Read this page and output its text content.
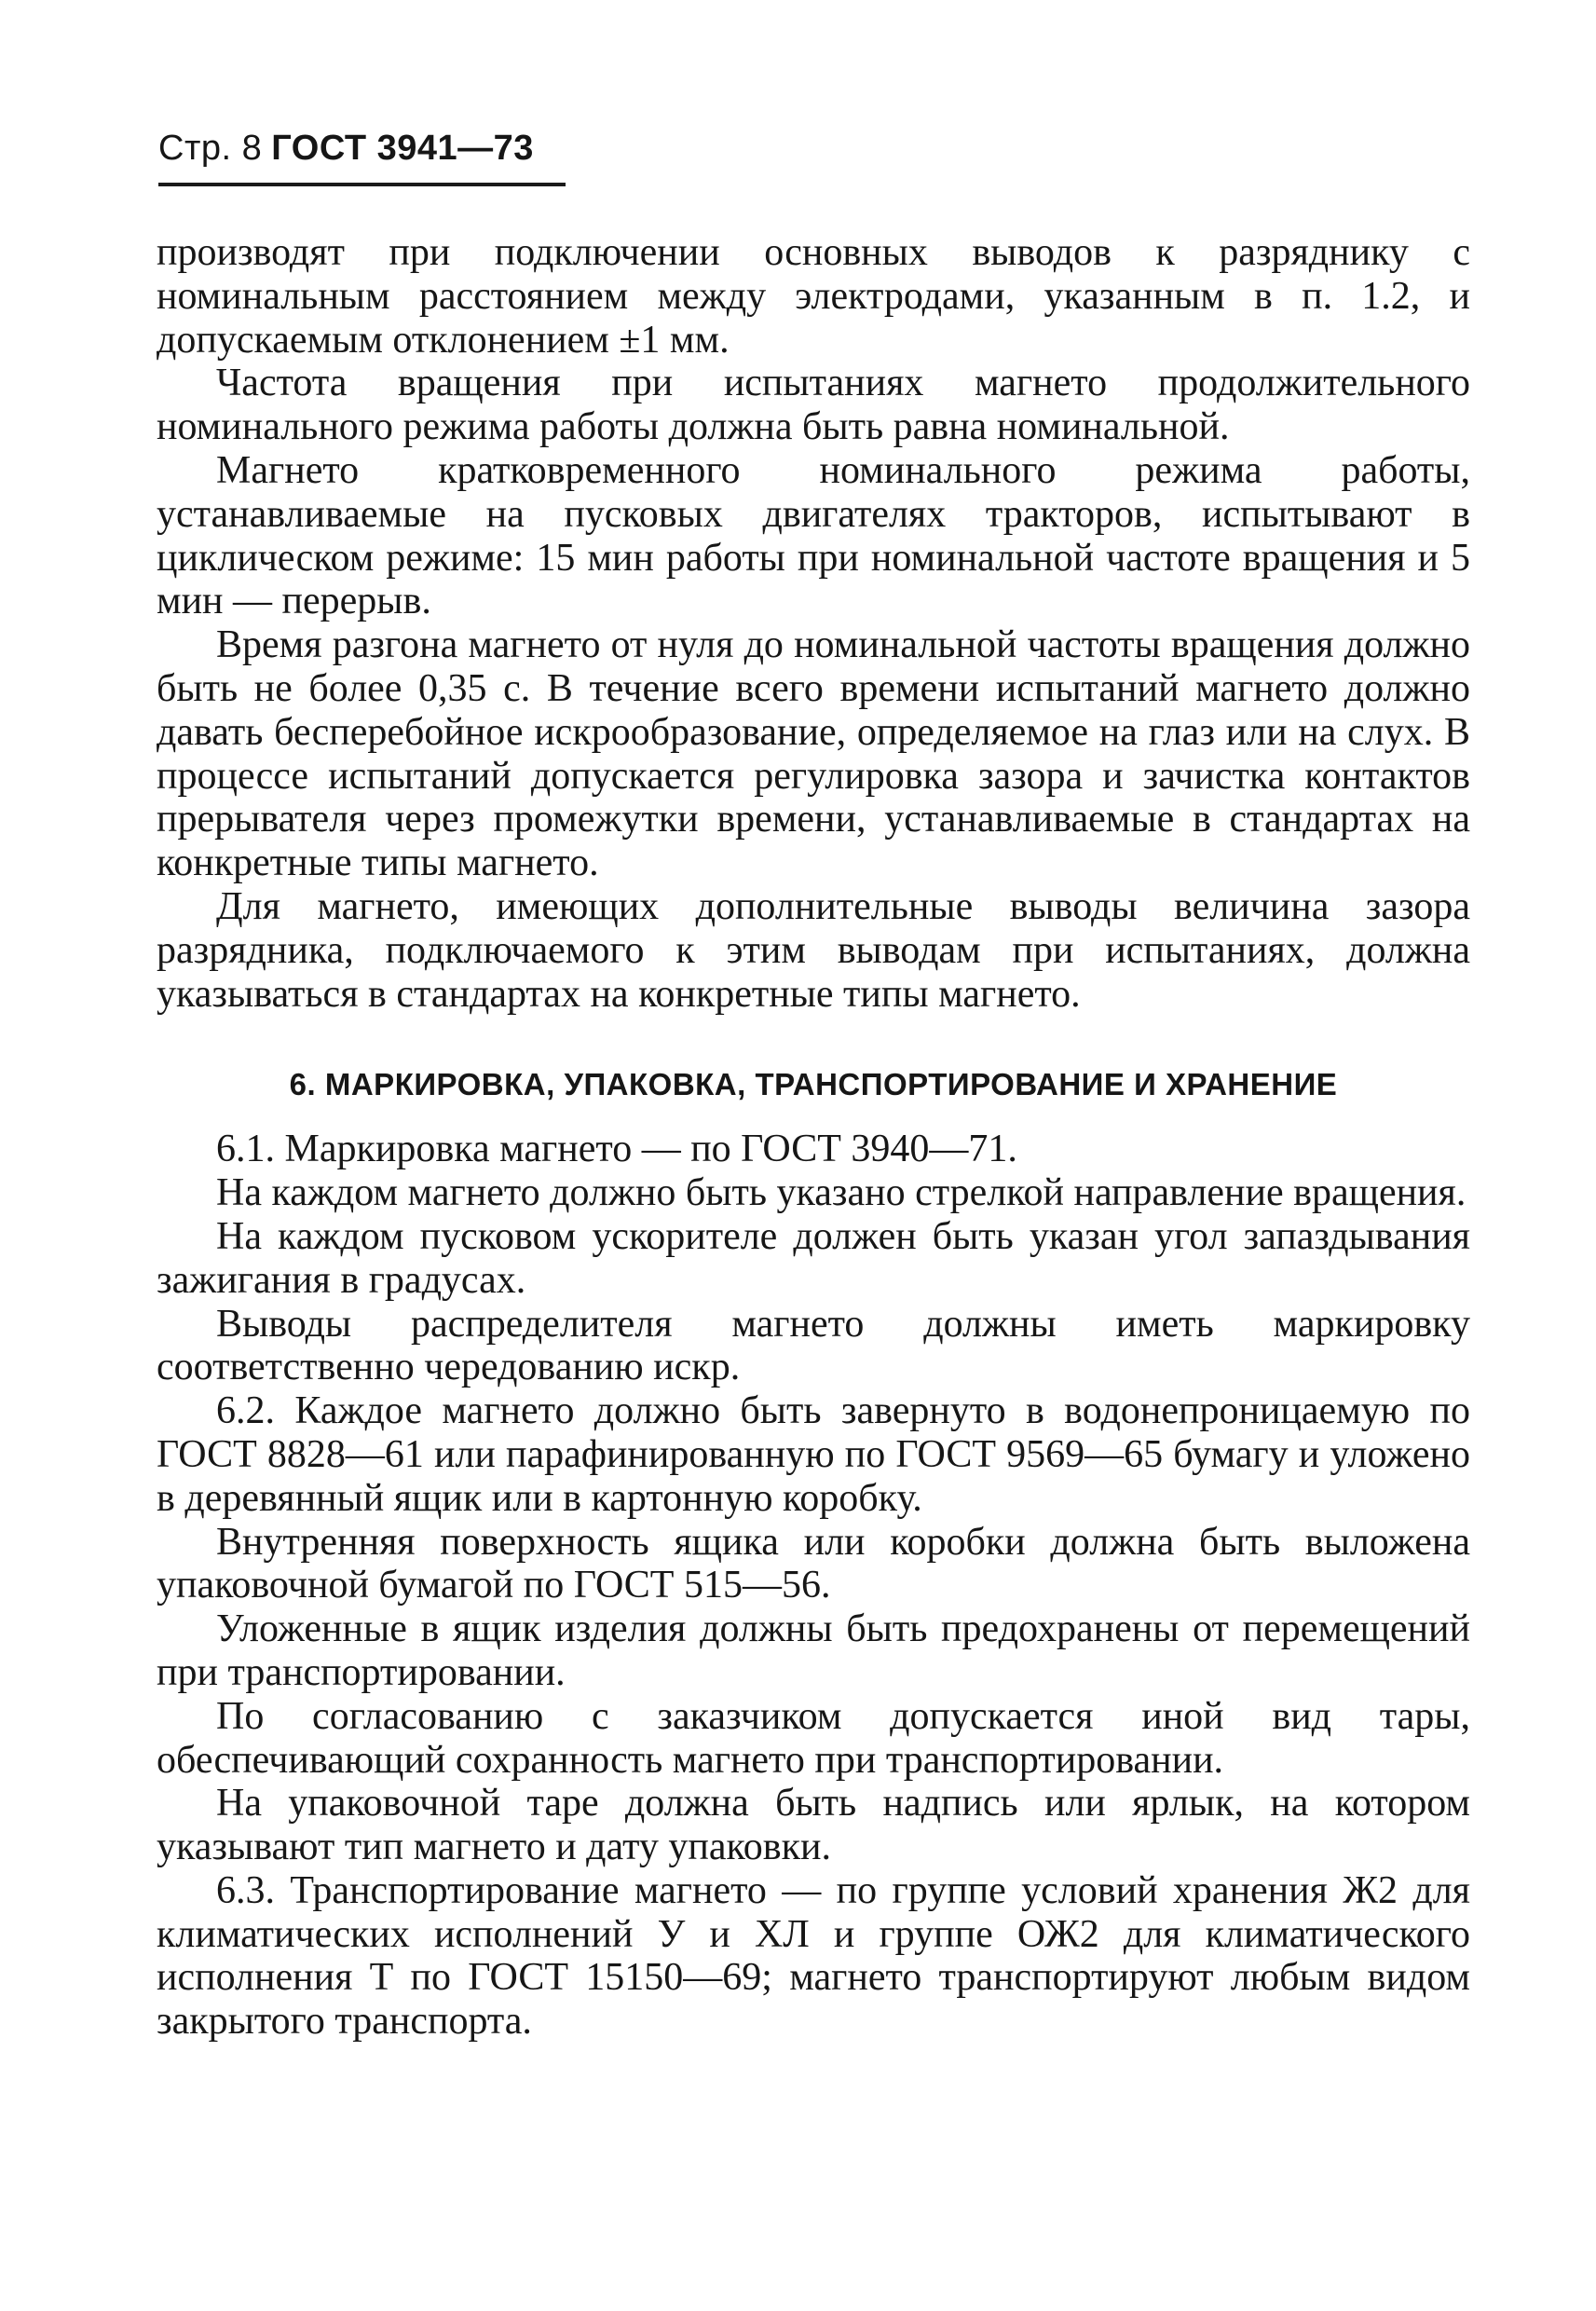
Стр. 8 ГОСТ 3941—73

производят при подключении основных выводов к разряднику с номинальным расстоянием между электродами, указанным в п. 1.2, и допускаемым отклонением ±1 мм.

Частота вращения при испытаниях магнето продолжительного номинального режима работы должна быть равна номинальной.

Магнето кратковременного номинального режима работы, устанавливаемые на пусковых двигателях тракторов, испытывают в циклическом режиме: 15 мин работы при номинальной частоте вращения и 5 мин — перерыв.

Время разгона магнето от нуля до номинальной частоты вращения должно быть не более 0,35 с. В течение всего времени испытаний магнето должно давать бесперебойное искрообразование, определяемое на глаз или на слух. В процессе испытаний допускается регулировка зазора и зачистка контактов прерывателя через промежутки времени, устанавливаемые в стандартах на конкретные типы магнето.

Для магнето, имеющих дополнительные выводы величина зазора разрядника, подключаемого к этим выводам при испытаниях, должна указываться в стандартах на конкретные типы магнето.

6. МАРКИРОВКА, УПАКОВКА, ТРАНСПОРТИРОВАНИЕ И ХРАНЕНИЕ

6.1. Маркировка магнето — по ГОСТ 3940—71.

На каждом магнето должно быть указано стрелкой направление вращения.

На каждом пусковом ускорителе должен быть указан угол запаздывания зажигания в градусах.

Выводы распределителя магнето должны иметь маркировку соответственно чередованию искр.

6.2. Каждое магнето должно быть завернуто в водонепроницаемую по ГОСТ 8828—61 или парафинированную по ГОСТ 9569—65 бумагу и уложено в деревянный ящик или в картонную коробку.

Внутренняя поверхность ящика или коробки должна быть выложена упаковочной бумагой по ГОСТ 515—56.

Уложенные в ящик изделия должны быть предохранены от перемещений при транспортировании.

По согласованию с заказчиком допускается иной вид тары, обеспечивающий сохранность магнето при транспортировании.

На упаковочной таре должна быть надпись или ярлык, на котором указывают тип магнето и дату упаковки.

6.3. Транспортирование магнето — по группе условий хранения Ж2 для климатических исполнений У и ХЛ и группе ОЖ2 для климатического исполнения Т по ГОСТ 15150—69; магнето транспортируют любым видом закрытого транспорта.
